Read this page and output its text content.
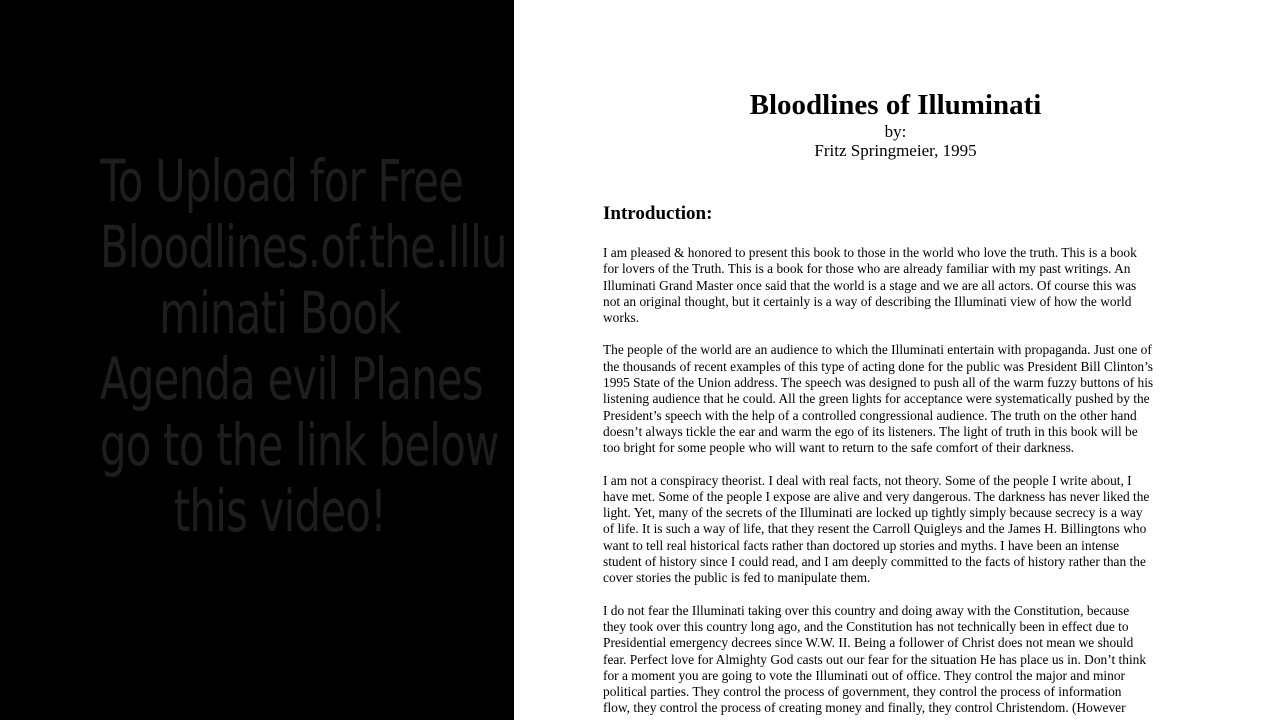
To Upload for Free
Bloodlines.of.the.Illu
minati Book
Agenda evil Planes
go to the link below
this video!
Bloodlines of Illuminati
by:
Fritz Springmeier, 1995
Introduction:
I am pleased & honored to present this book to those in the world who love the truth. This is a book
for lovers of the Truth. This is a book for those who are already familiar with my past writings. An
Illuminati Grand Master once said that the world is a stage and we are all actors. Of course this was
not an original thought, but it certainly is a way of describing the Illuminati view of how the world
works.
The people of the world are an audience to which the Illuminati entertain with propaganda. Just one of
the thousands of recent examples of this type of acting done for the public was President Bill Clinton’s
1995 State of the Union address. The speech was designed to push all of the warm fuzzy buttons of his
listening audience that he could. All the green lights for acceptance were systematically pushed by the
President’s speech with the help of a controlled congressional audience. The truth on the other hand
doesn’t always tickle the ear and warm the ego of its listeners. The light of truth in this book will be
too bright for some people who will want to return to the safe comfort of their darkness.
I am not a conspiracy theorist. I deal with real facts, not theory. Some of the people I write about, I
have met. Some of the people I expose are alive and very dangerous. The darkness has never liked the
light. Yet, many of the secrets of the Illuminati are locked up tightly simply because secrecy is a way
of life. It is such a way of life, that they resent the Carroll Quigleys and the James H. Billingtons who
want to tell real historical facts rather than doctored up stories and myths. I have been an intense
student of history since I could read, and I am deeply committed to the facts of history rather than the
cover stories the public is fed to manipulate them.
I do not fear the Illuminati taking over this country and doing away with the Constitution, because
they took over this country long ago, and the Constitution has not technically been in effect due to
Presidential emergency decrees since W.W. II. Being a follower of Christ does not mean we should
fear. Perfect love for Almighty God casts out our fear for the situation He has place us in. Don’t think
for a moment you are going to vote the Illuminati out of office. They control the major and minor
political parties. They control the process of government, they control the process of information
flow, they control the process of creating money and finally, they control Christendom. (However
